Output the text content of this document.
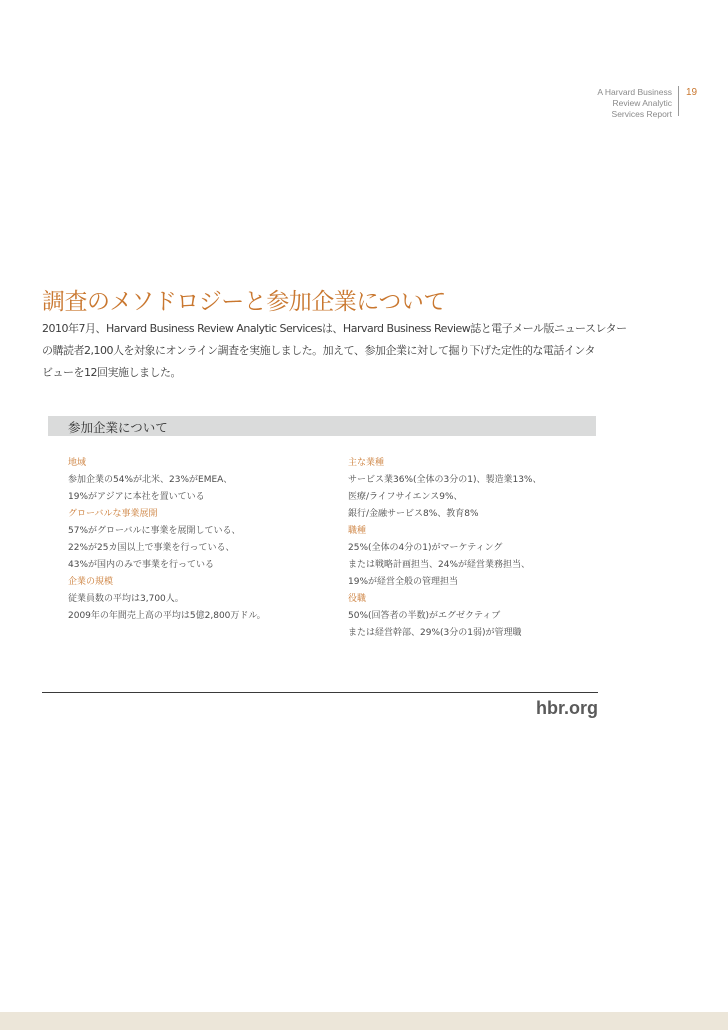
A Harvard Business
Review Analytic
Services Report
19
調査のメソドロジーと参加企業について
2010年7月、Harvard Business Review Analytic Servicesは、Harvard Business Review誌と電子メール版ニュースレター
の購読者2,100人を対象にオンライン調査を実施しました。加えて、参加企業に対して掘り下げた定性的な電話インタ
ビューを12回実施しました。
参加企業について
地域
参加企業の54%が北米、23%がEMEA、
19%がアジアに本社を置いている
グローバルな事業展開
57%がグローバルに事業を展開している、
22%が25カ国以上で事業を行っている、
43%が国内のみで事業を行っている
企業の規模
従業員数の平均は3,700人。
2009年の年間売上高の平均は5億2,800万ドル。
主な業種
サービス業36%(全体の3分の1)、製造業13%、
医療/ライフサイエンス9%、
銀行/金融サービス8%、教育8%
職種
25%(全体の4分の1)がマーケティング
または戦略計画担当、24%が経営業務担当、
19%が経営全般の管理担当
役職
50%(回答者の半数)がエグゼクティブ
または経営幹部、29%(3分の1弱)が管理職
hbr.org
